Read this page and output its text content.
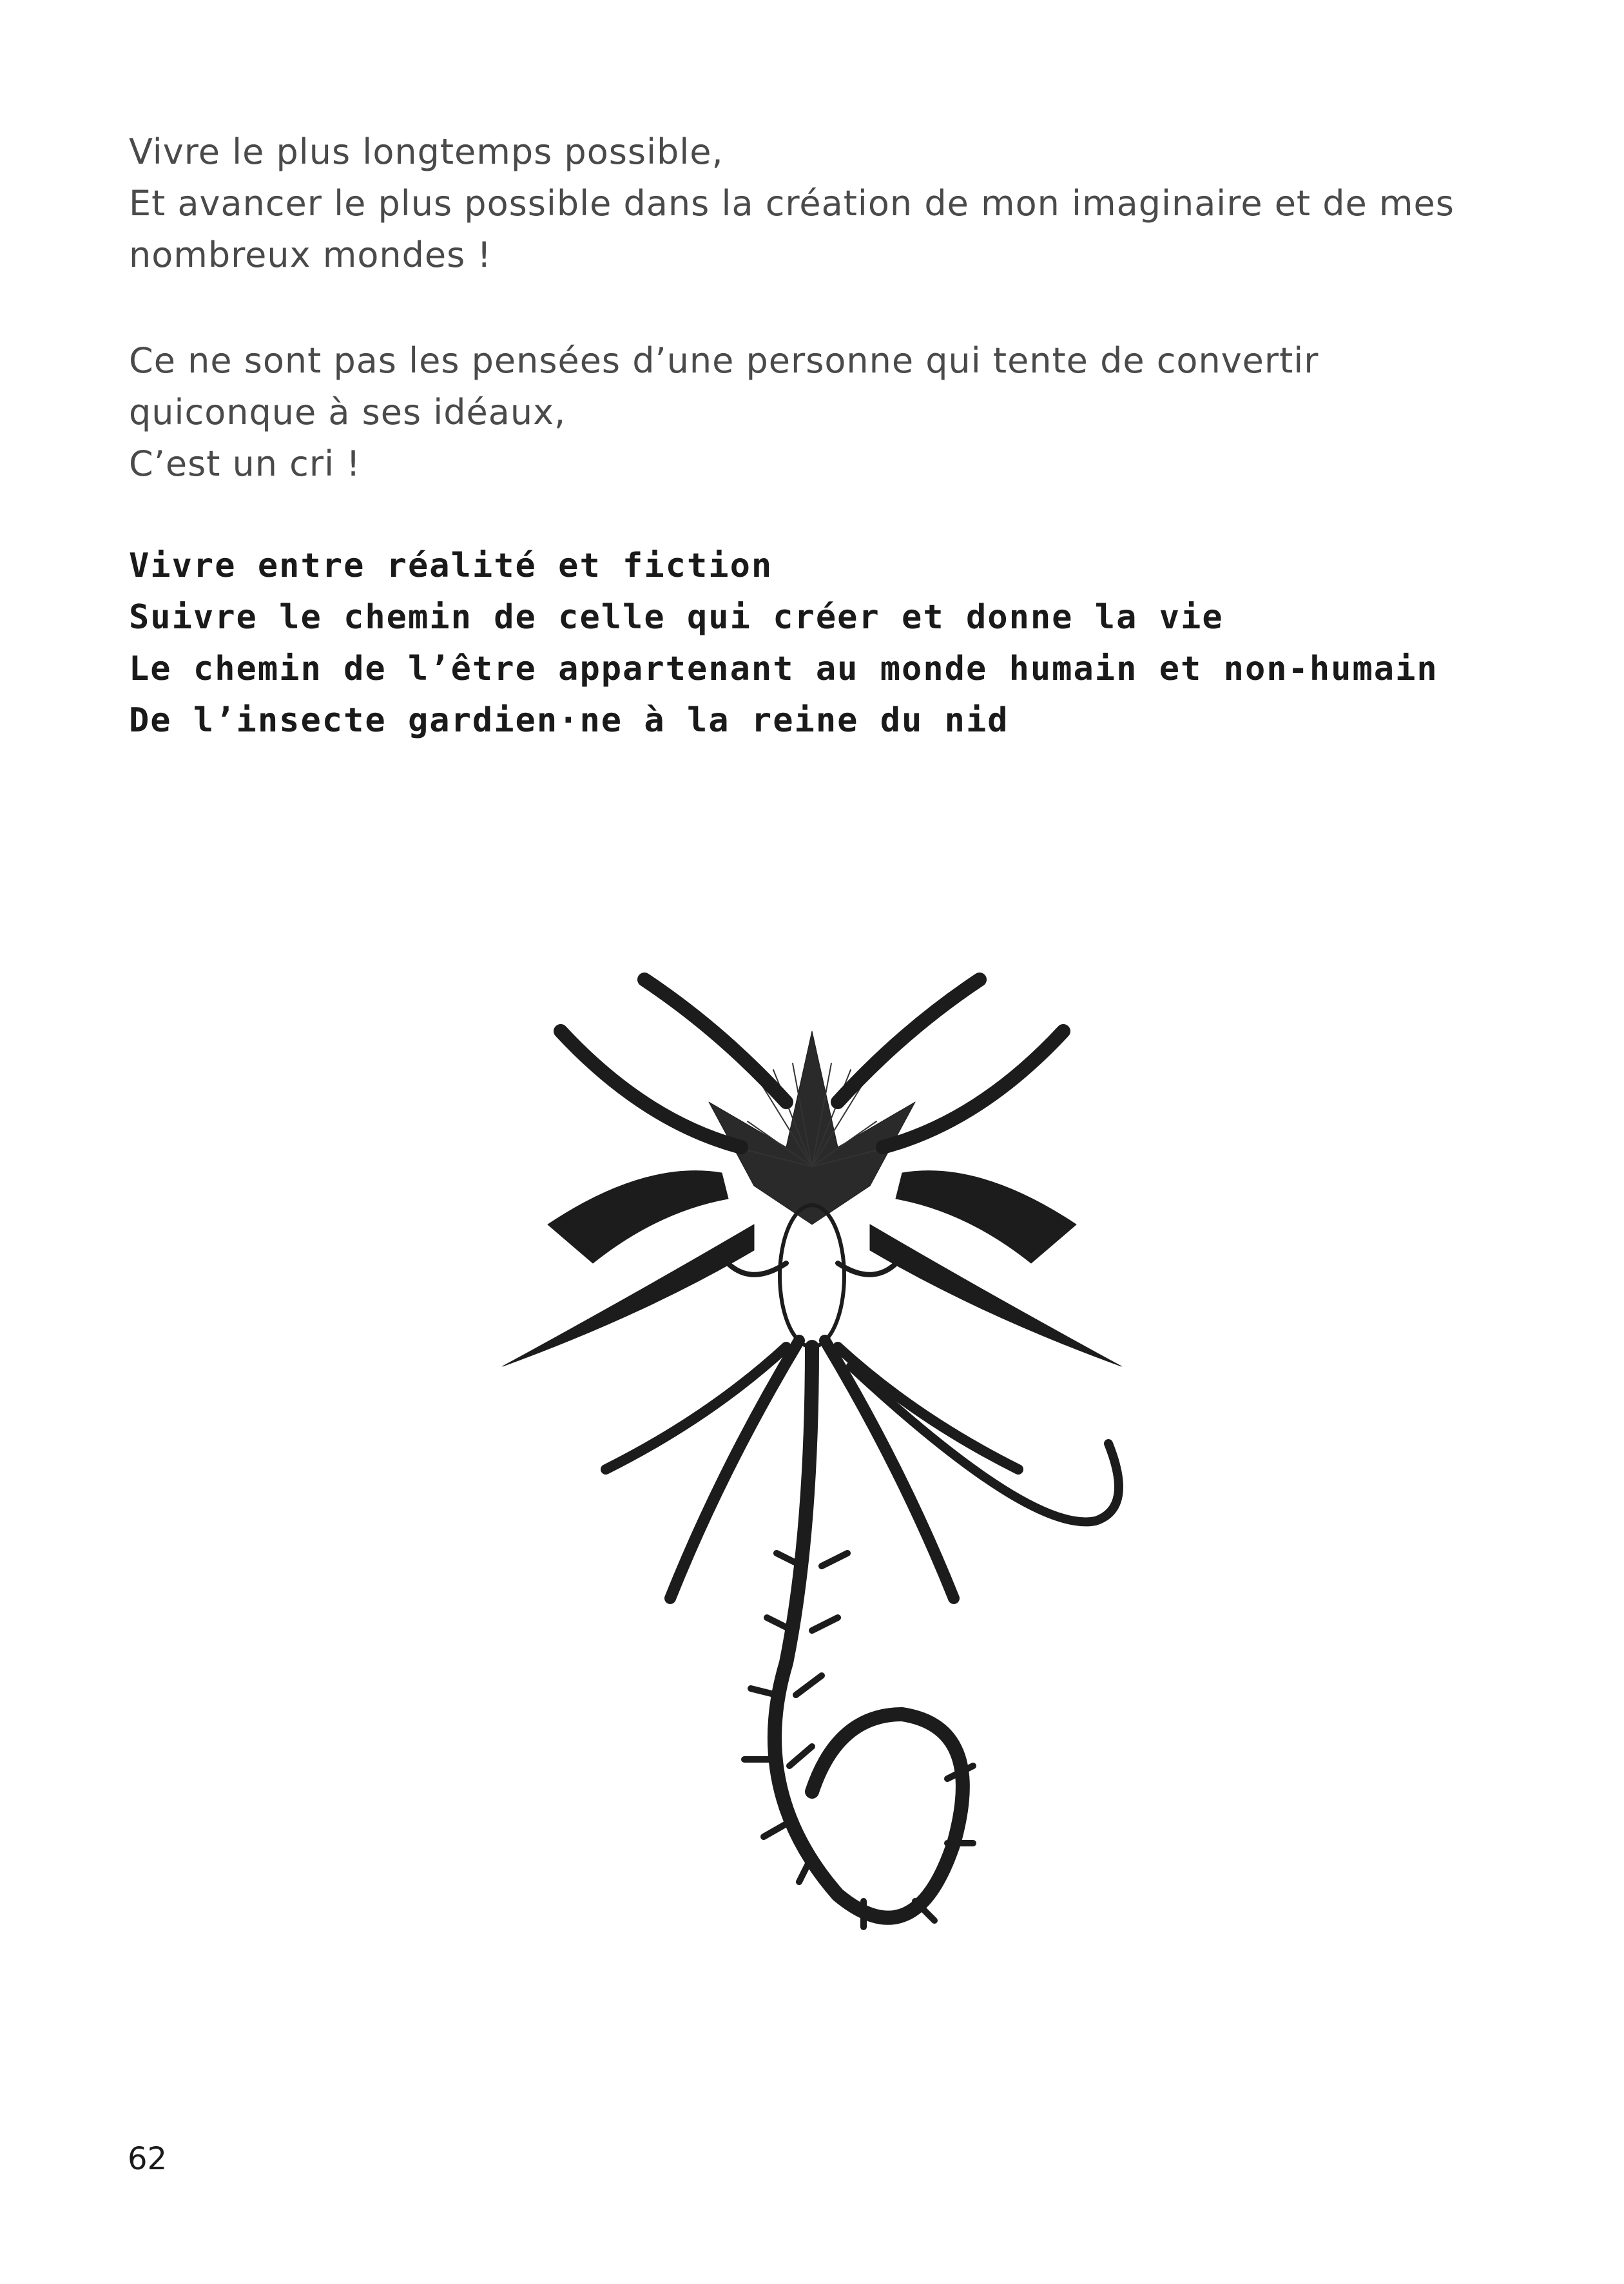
Vivre le plus longtemps possible,
Et avancer le plus possible dans la création de mon imaginaire et de mes nombreux mondes !
Ce ne sont pas les pensées d’une personne qui tente de convertir quiconque à ses idéaux,
C’est un cri !
Vivre entre réalité et fiction
Suivre le chemin de celle qui créer et donne la vie
Le chemin de l’être appartenant au monde humain et non-humain
De l’insecte gardien·ne à la reine du nid
62
